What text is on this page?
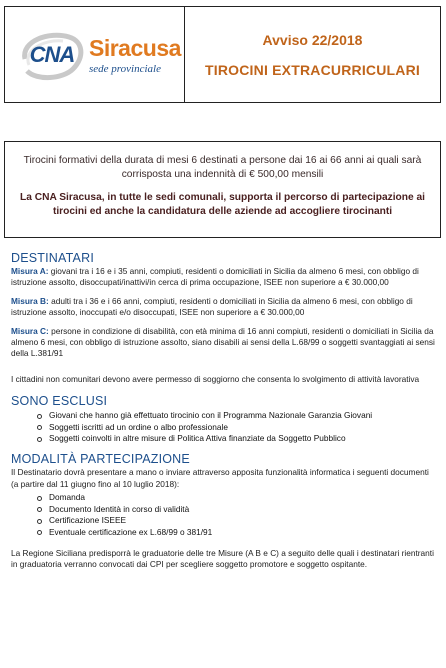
CNA Siracusa
sede provinciale
Avviso 22/2018
TIROCINI EXTRACURRICULARI

Tirocini formativi della durata di mesi 6 destinati a persone dai 16 ai 66 anni ai quali sarà corrisposta una indennità di € 500,00 mensili

La CNA Siracusa, in tutte le sedi comunali, supporta il percorso di partecipazione ai tirocini ed anche la candidatura delle aziende ad accogliere tirocinanti

DESTINATARI

Misura A: giovani tra i 16 e i 35 anni, compiuti, residenti o domiciliati in Sicilia da almeno 6 mesi, con obbligo di istruzione assolto, disoccupati/inattivi/in cerca di prima occupazione, ISEE non superiore a € 30.000,00

Misura B: adulti tra i 36 e i 66 anni, compiuti, residenti o domiciliati in Sicilia da almeno 6 mesi, con obbligo di istruzione assolto, inoccupati e/o disoccupati, ISEE non superiore a € 30.000,00

Misura C: persone in condizione di disabilità, con età minima di 16 anni compiuti, residenti o domiciliati in Sicilia da almeno 6 mesi, con obbligo di istruzione assolto, siano disabili ai sensi della L.68/99 o soggetti svantaggiati ai sensi della L.381/91

I cittadini non comunitari devono avere permesso di soggiorno che consenta lo svolgimento di attività lavorativa

SONO ESCLUSI
Giovani che hanno già effettuato tirocinio con il Programma Nazionale Garanzia Giovani
Soggetti iscritti ad un ordine o albo professionale
Soggetti coinvolti in altre misure di Politica Attiva finanziate da Soggetto Pubblico
MODALITÀ PARTECIPAZIONE

Il Destinatario dovrà presentare a mano o inviare attraverso apposita funzionalità informatica i seguenti documenti (a partire dal 11 giugno fino al 10 luglio 2018):

Domanda
Documento Identità in corso di validità
Certificazione ISEEE
Eventuale certificazione ex L.68/99 o 381/91

La Regione Siciliana predisporrà le graduatorie delle tre Misure (A B e C) a seguito delle quali i destinatari rientranti in graduatoria verranno convocati dai CPI per scegliere soggetto promotore e soggetto ospitante.
